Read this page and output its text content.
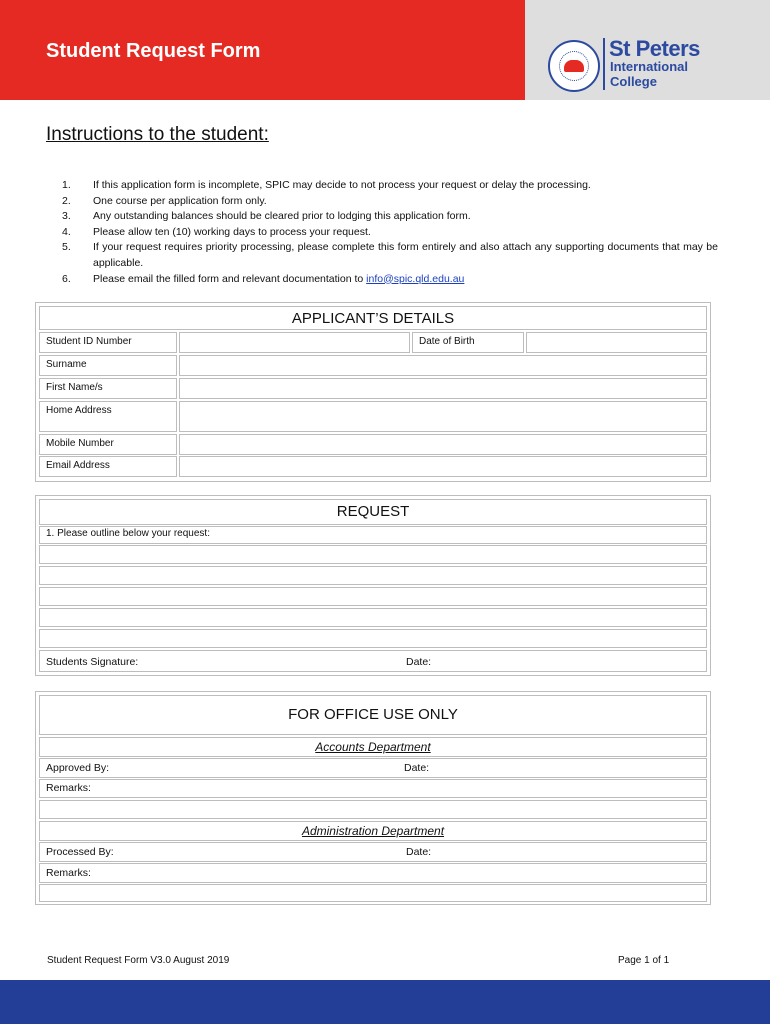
Student Request Form	St Peters
International
College
Instructions to the student:
1.	If this application form is incomplete, SPIC may decide to not process your request or delay the processing.
2.	One course per application form only.
3.	Any outstanding balances should be cleared prior to lodging this application form.
4.	Please allow ten (10) working days to process your request.
5.	If your request requires priority processing, please complete this form entirely and also attach any supporting documents that may be applicable.
6.	Please email the filled form and relevant documentation to info@spic.qld.edu.au
APPLICANT’S DETAILS
Student ID Number	Date of Birth
Surname
First Name/s
Home Address
Mobile Number
Email Address
REQUEST
1. Please outline below your request:
Students Signature:	Date:
FOR OFFICE USE ONLY
Accounts Department
Approved By:	Date:
Remarks:
Administration Department
Processed By:	Date:
Remarks:
Student Request Form V3.0 August 2019	Page 1 of 1
